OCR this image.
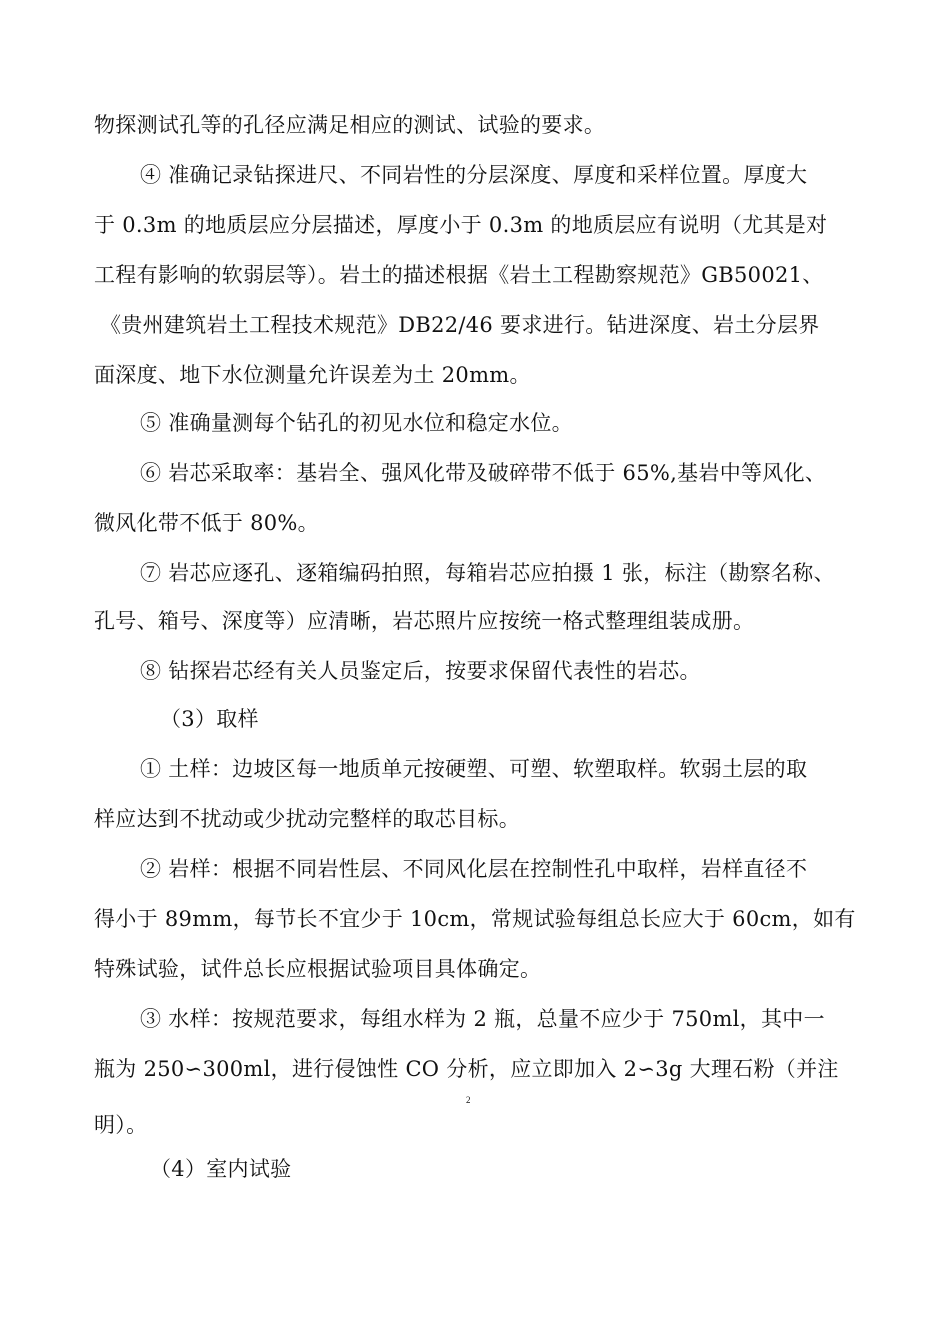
物探测试孔等的孔径应满足相应的测试、试验的要求。
④ 准确记录钻探进尺、不同岩性的分层深度、厚度和采样位置。厚度大
于 0.3m 的地质层应分层描述，厚度小于 0.3m 的地质层应有说明（尤其是对
工程有影响的软弱层等）。岩土的描述根据《岩土工程勘察规范》GB50021、
《贵州建筑岩土工程技术规范》DB22/46 要求进行。钻进深度、岩土分层界
面深度、地下水位测量允许误差为土 20mm。
⑤ 准确量测每个钻孔的初见水位和稳定水位。
⑥ 岩芯采取率：基岩全、强风化带及破碎带不低于 65%,基岩中等风化、
微风化带不低于 80%。
⑦ 岩芯应逐孔、逐箱编码拍照，每箱岩芯应拍摄 1 张，标注（勘察名称、
孔号、箱号、深度等）应清晰，岩芯照片应按统一格式整理组装成册。
⑧ 钻探岩芯经有关人员鉴定后，按要求保留代表性的岩芯。
（3）取样
① 土样：边坡区每一地质单元按硬塑、可塑、软塑取样。软弱土层的取
样应达到不扰动或少扰动完整样的取芯目标。
② 岩样：根据不同岩性层、不同风化层在控制性孔中取样，岩样直径不
得小于 89mm，每节长不宜少于 10cm，常规试验每组总长应大于 60cm，如有
特殊试验，试件总长应根据试验项目具体确定。
③ 水样：按规范要求，每组水样为 2 瓶，总量不应少于 750ml，其中一
瓶为 250∽300ml，进行侵蚀性 CO 分析，应立即加入 2∽3g 大理石粉（并注
2
明）。
（4）室内试验
